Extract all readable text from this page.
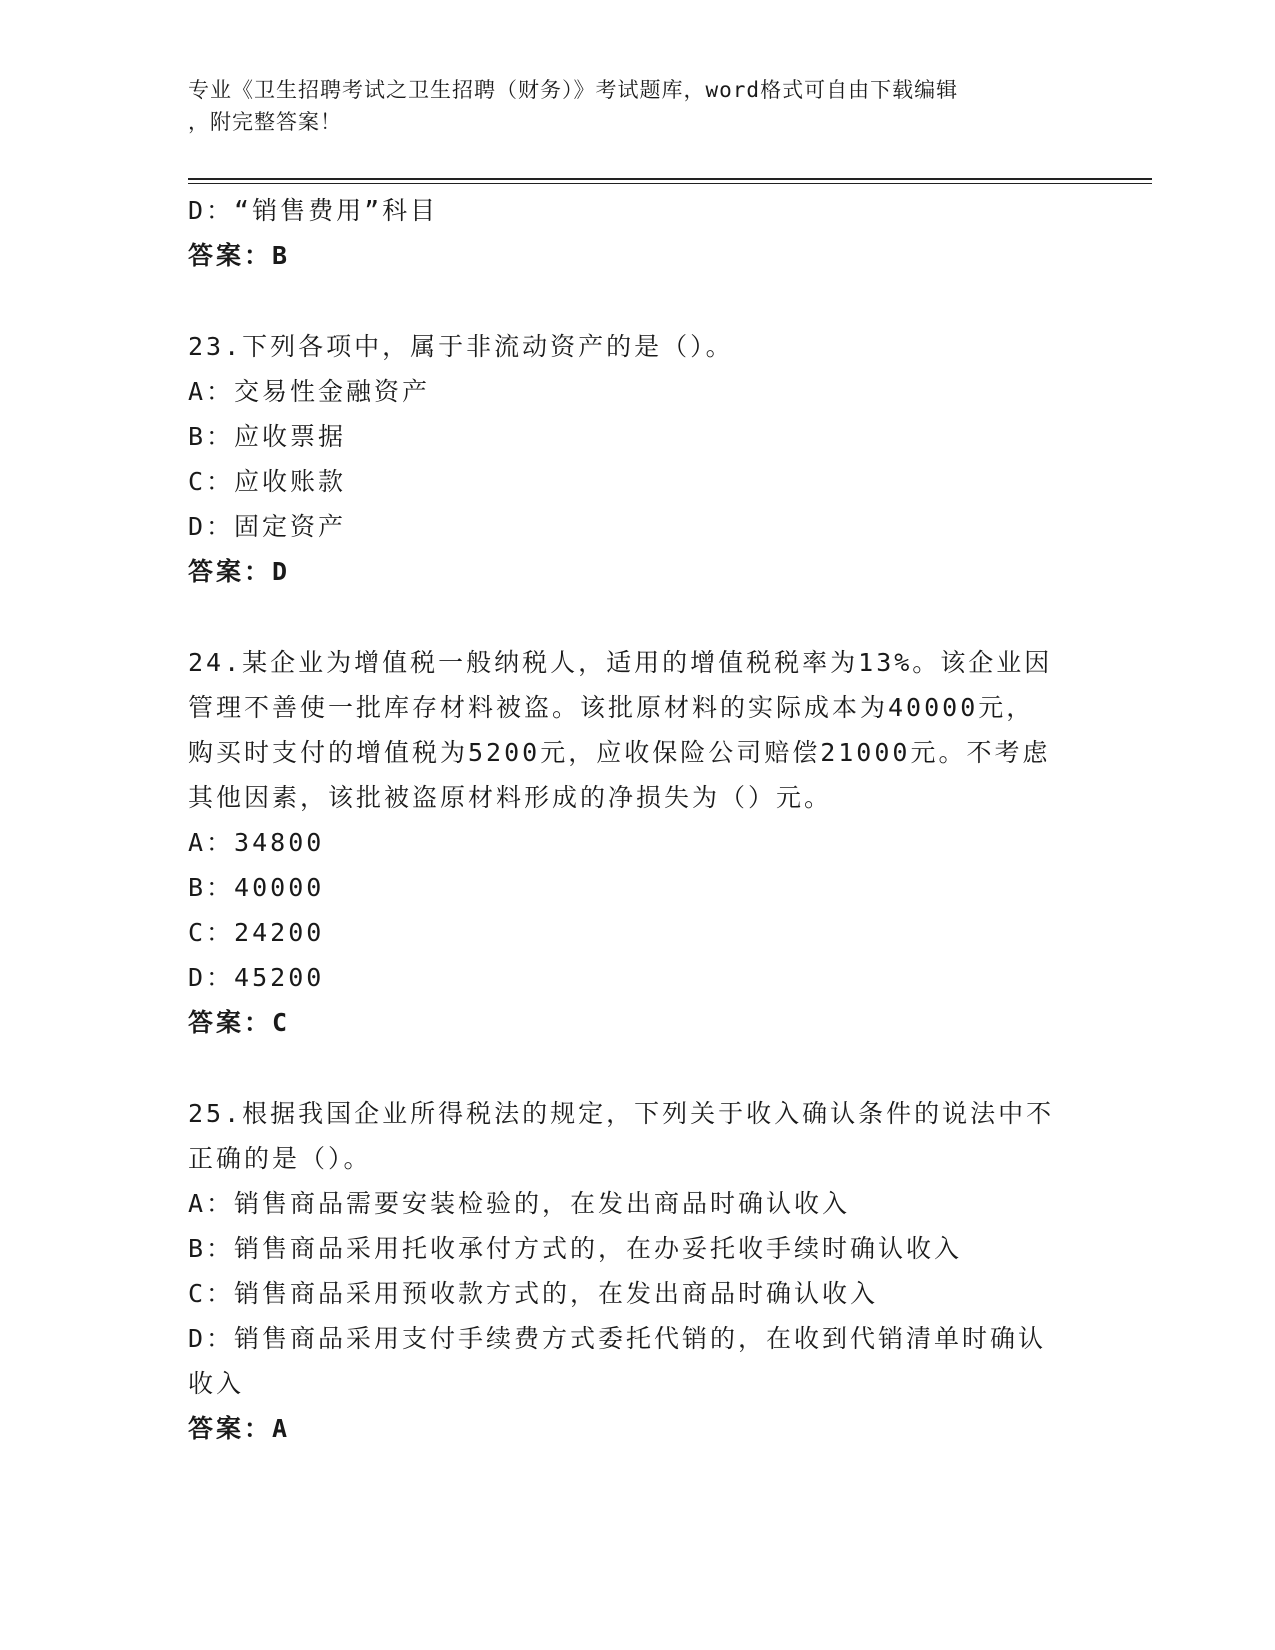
专业《卫生招聘考试之卫生招聘（财务）》考试题库，word格式可自由下载编辑
，附完整答案！
D：“销售费用”科目
答案：B
23.下列各项中，属于非流动资产的是（）。
A：交易性金融资产
B：应收票据
C：应收账款
D：固定资产
答案：D
24.某企业为增值税一般纳税人，适用的增值税税率为13%。该企业因
管理不善使一批库存材料被盗。该批原材料的实际成本为40000元，
购买时支付的增值税为5200元，应收保险公司赔偿21000元。不考虑
其他因素，该批被盗原材料形成的净损失为（）元。
A：34800
B：40000
C：24200
D：45200
答案：C
25.根据我国企业所得税法的规定，下列关于收入确认条件的说法中不
正确的是（）。
A：销售商品需要安装检验的，在发出商品时确认收入
B：销售商品采用托收承付方式的，在办妥托收手续时确认收入
C：销售商品采用预收款方式的，在发出商品时确认收入
D：销售商品采用支付手续费方式委托代销的，在收到代销清单时确认
收入
答案：A
